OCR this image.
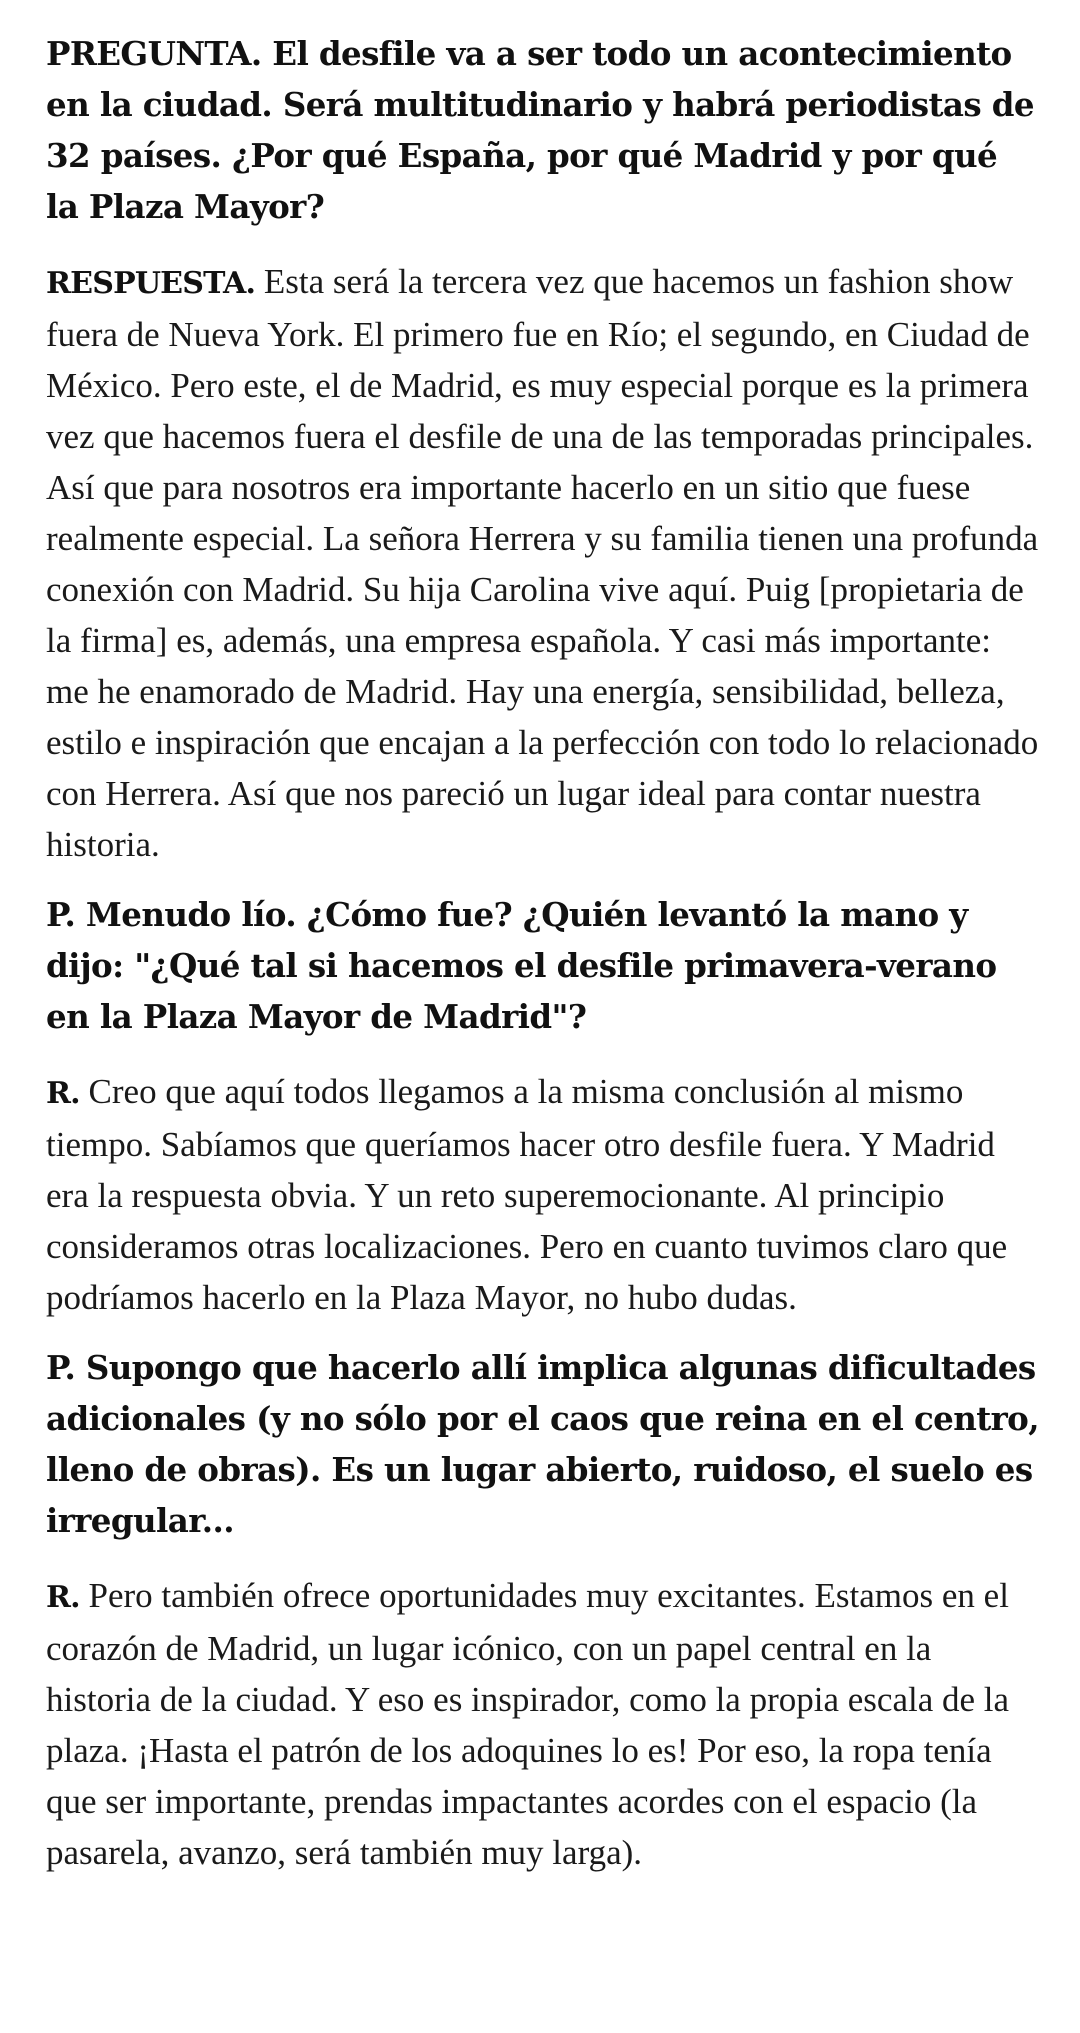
PREGUNTA. El desfile va a ser todo un acontecimiento en la ciudad. Será multitudinario y habrá periodistas de 32 países. ¿Por qué España, por qué Madrid y por qué la Plaza Mayor?

RESPUESTA. Esta será la tercera vez que hacemos un fashion show fuera de Nueva York. El primero fue en Río; el segundo, en Ciudad de México. Pero este, el de Madrid, es muy especial porque es la primera vez que hacemos fuera el desfile de una de las temporadas principales. Así que para nosotros era importante hacerlo en un sitio que fuese realmente especial. La señora Herrera y su familia tienen una profunda conexión con Madrid. Su hija Carolina vive aquí. Puig [propietaria de la firma] es, además, una empresa española. Y casi más importante: me he enamorado de Madrid. Hay una energía, sensibilidad, belleza, estilo e inspiración que encajan a la perfección con todo lo relacionado con Herrera. Así que nos pareció un lugar ideal para contar nuestra historia.

P. Menudo lío. ¿Cómo fue? ¿Quién levantó la mano y dijo: "¿Qué tal si hacemos el desfile primavera-verano en la Plaza Mayor de Madrid"?

R. Creo que aquí todos llegamos a la misma conclusión al mismo tiempo. Sabíamos que queríamos hacer otro desfile fuera. Y Madrid era la respuesta obvia. Y un reto superemocionante. Al principio consideramos otras localizaciones. Pero en cuanto tuvimos claro que podríamos hacerlo en la Plaza Mayor, no hubo dudas.

P. Supongo que hacerlo allí implica algunas dificultades adicionales (y no sólo por el caos que reina en el centro, lleno de obras). Es un lugar abierto, ruidoso, el suelo es irregular...

R. Pero también ofrece oportunidades muy excitantes. Estamos en el corazón de Madrid, un lugar icónico, con un papel central en la historia de la ciudad. Y eso es inspirador, como la propia escala de la plaza. ¡Hasta el patrón de los adoquines lo es! Por eso, la ropa tenía que ser importante, prendas impactantes acordes con el espacio (la pasarela, avanzo, será también muy larga).
